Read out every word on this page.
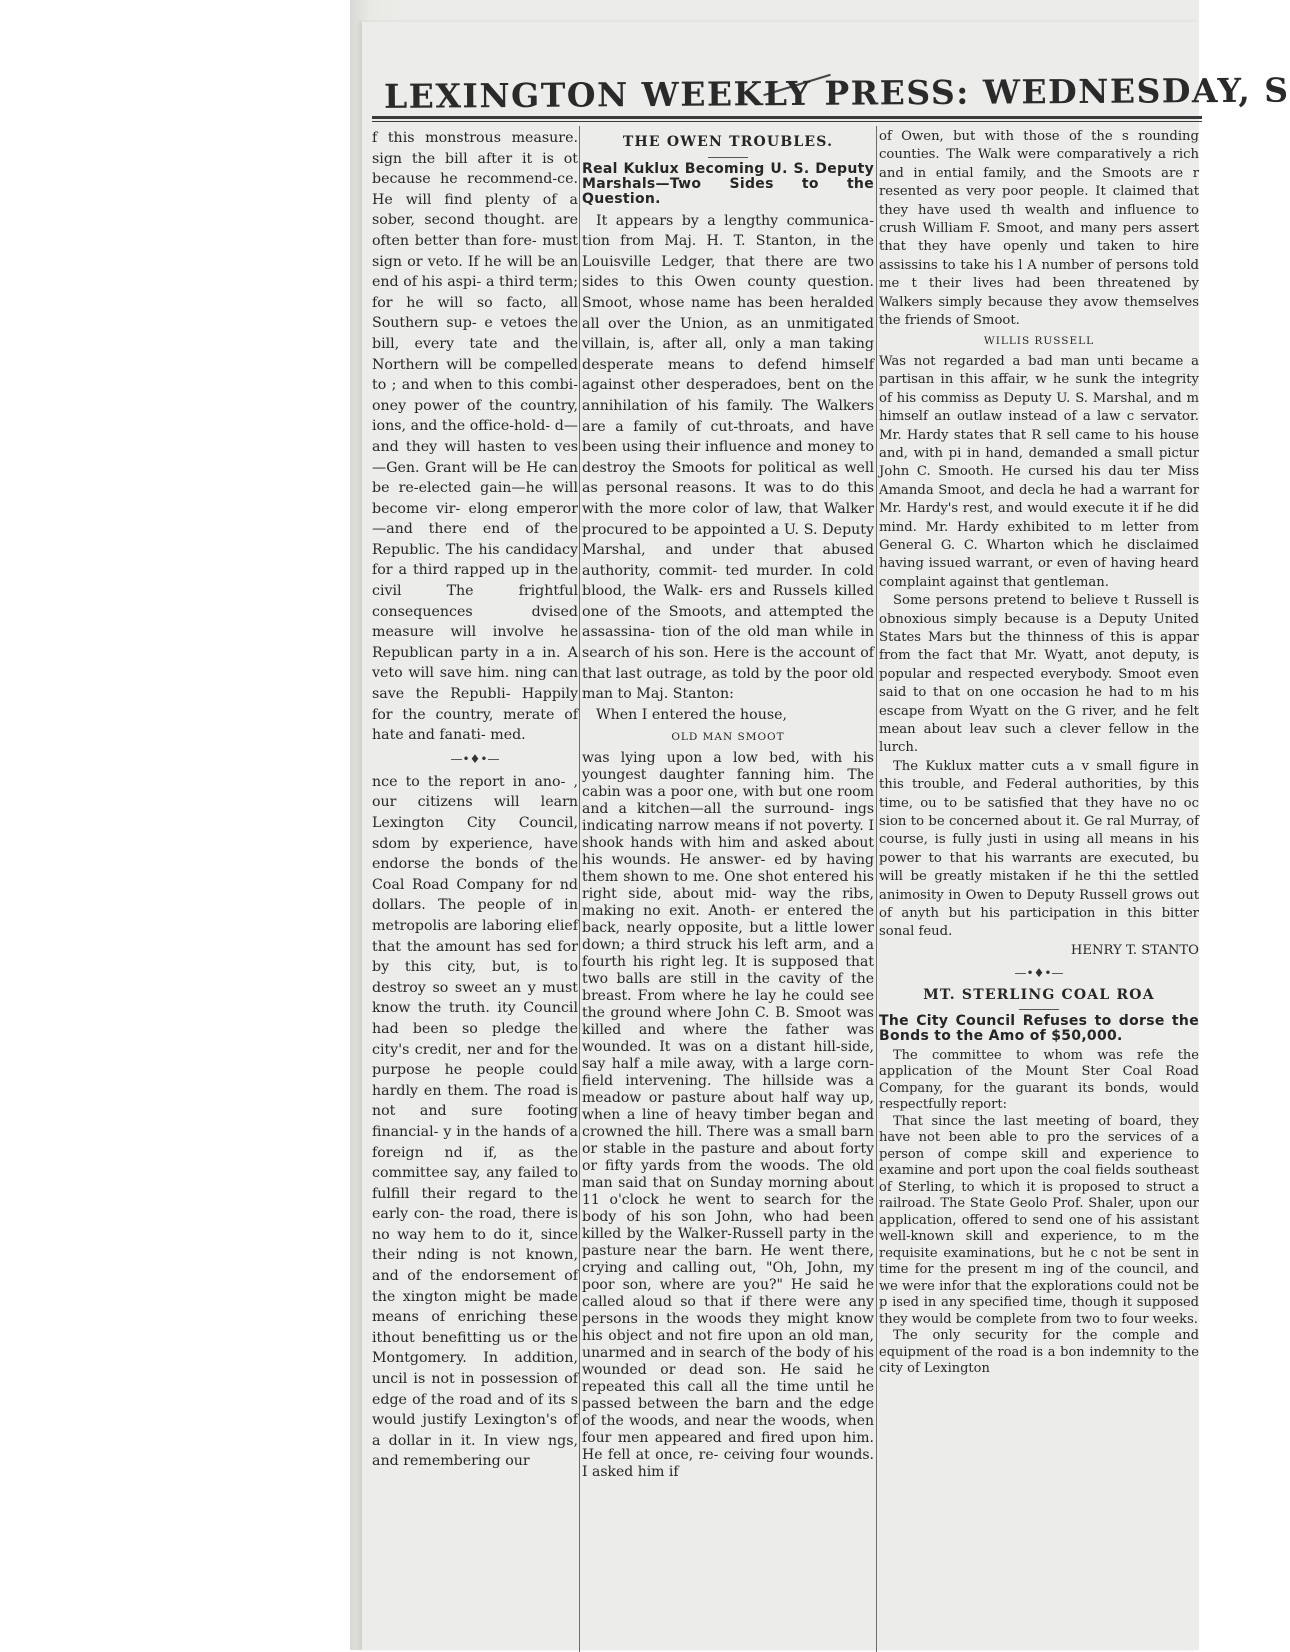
LEXINGTON WEEKLY PRESS: WEDNESDAY, S

f this monstrous measure. sign the bill after it is ot because he recommend-ce. He will find plenty of a sober, second thought. are often better than fore- must sign or veto. If he will be an end of his aspi- a third term; for he will so facto, all Southern sup- e vetoes the bill, every tate and the Northern will be compelled to ; and when to this combi- oney power of the country, ions, and the office-hold- d—and they will hasten to ves—Gen. Grant will be He can be re-elected gain—he will become vir- elong emperor—and there end of the Republic. The his candidacy for a third rapped up in the civil The frightful consequences dvised measure will involve he Republican party in a in. A veto will save him. ning can save the Republi- Happily for the country, merate of hate and fanati- med.

—•♦•—

nce to the report in ano- , our citizens will learn Lexington City Council, sdom by experience, have endorse the bonds of the Coal Road Company for nd dollars. The people of in metropolis are laboring elief that the amount has sed for by this city, but, is to destroy so sweet an y must know the truth. ity Council had been so pledge the city's credit, ner and for the purpose he people could hardly en them. The road is not and sure footing financial- y in the hands of a foreign nd if, as the committee say, any failed to fulfill their regard to the early con- the road, there is no way hem to do it, since their nding is not known, and of the endorsement of the xington might be made means of enriching these ithout benefitting us or the Montgomery. In addition, uncil is not in possession of edge of the road and of its s would justify Lexington's of a dollar in it. In view ngs, and remembering our

THE OWEN TROUBLES.
Real Kuklux Becoming U. S. Deputy Marshals—Two Sides to the Question.

It appears by a lengthy communica- tion from Maj. H. T. Stanton, in the Louisville Ledger, that there are two sides to this Owen county question. Smoot, whose name has been heralded all over the Union, as an unmitigated villain, is, after all, only a man taking desperate means to defend himself against other desperadoes, bent on the annihilation of his family. The Walkers are a family of cut-throats, and have been using their influence and money to destroy the Smoots for political as well as personal reasons. It was to do this with the more color of law, that Walker procured to be appointed a U. S. Deputy Marshal, and under that abused authority, commit- ted murder. In cold blood, the Walk- ers and Russels killed one of the Smoots, and attempted the assassina- tion of the old man while in search of his son. Here is the account of that last outrage, as told by the poor old man to Maj. Stanton:

When I entered the house,

OLD MAN SMOOT

was lying upon a low bed, with his youngest daughter fanning him. The cabin was a poor one, with but one room and a kitchen—all the surround- ings indicating narrow means if not poverty. I shook hands with him and asked about his wounds. He answer- ed by having them shown to me. One shot entered his right side, about mid- way the ribs, making no exit. Anoth- er entered the back, nearly opposite, but a little lower down; a third struck his left arm, and a fourth his right leg. It is supposed that two balls are still in the cavity of the breast. From where he lay he could see the ground where John C. B. Smoot was killed and where the father was wounded. It was on a distant hill-side, say half a mile away, with a large corn-field intervening. The hillside was a meadow or pasture about half way up, when a line of heavy timber began and crowned the hill. There was a small barn or stable in the pasture and about forty or fifty yards from the woods. The old man said that on Sunday morning about 11 o'clock he went to search for the body of his son John, who had been killed by the Walker-Russell party in the pasture near the barn. He went there, crying and calling out, "Oh, John, my poor son, where are you?" He said he called aloud so that if there were any persons in the woods they might know his object and not fire upon an old man, unarmed and in search of the body of his wounded or dead son. He said he repeated this call all the time until he passed between the barn and the edge of the woods, and near the woods, when four men appeared and fired upon him. He fell at once, re- ceiving four wounds. I asked him if

of Owen, but with those of the s rounding counties. The Walk were comparatively a rich and in ential family, and the Smoots are r resented as very poor people. It claimed that they have used th wealth and influence to crush William F. Smoot, and many pers assert that they have openly und taken to hire assissins to take his l A number of persons told me t their lives had been threatened by Walkers simply because they avow themselves the friends of Smoot.

WILLIS RUSSELL

Was not regarded a bad man unti became a partisan in this affair, w he sunk the integrity of his commiss as Deputy U. S. Marshal, and m himself an outlaw instead of a law c servator. Mr. Hardy states that R sell came to his house and, with pi in hand, demanded a small pictur John C. Smooth. He cursed his dau ter Miss Amanda Smoot, and decla he had a warrant for Mr. Hardy's rest, and would execute it if he did mind. Mr. Hardy exhibited to m letter from General G. C. Wharton which he disclaimed having issued warrant, or even of having heard complaint against that gentleman.

Some persons pretend to believe t Russell is obnoxious simply because is a Deputy United States Mars but the thinness of this is appar from the fact that Mr. Wyatt, anot deputy, is popular and respected everybody. Smoot even said to that on one occasion he had to m his escape from Wyatt on the G river, and he felt mean about leav such a clever fellow in the lurch.

The Kuklux matter cuts a v small figure in this trouble, and Federal authorities, by this time, ou to be satisfied that they have no oc sion to be concerned about it. Ge ral Murray, of course, is fully justi in using all means in his power to that his warrants are executed, bu will be greatly mistaken if he thi the settled animosity in Owen to Deputy Russell grows out of anyth but his participation in this bitter sonal feud.

HENRY T. STANTO

—•♦•—
MT. STERLING COAL ROA
The City Council Refuses to dorse the Bonds to the Amo of $50,000.

The committee to whom was refe the application of the Mount Ster Coal Road Company, for the guarant its bonds, would respectfully report:

That since the last meeting of board, they have not been able to pro the services of a person of compe skill and experience to examine and port upon the coal fields southeast of Sterling, to which it is proposed to struct a railroad. The State Geolo Prof. Shaler, upon our application, offered to send one of his assistant well-known skill and experience, to m the requisite examinations, but he c not be sent in time for the present m ing of the council, and we were infor that the explorations could not be p ised in any specified time, though it supposed they would be complete from two to four weeks.

The only security for the comple and equipment of the road is a bon indemnity to the city of Lexington
